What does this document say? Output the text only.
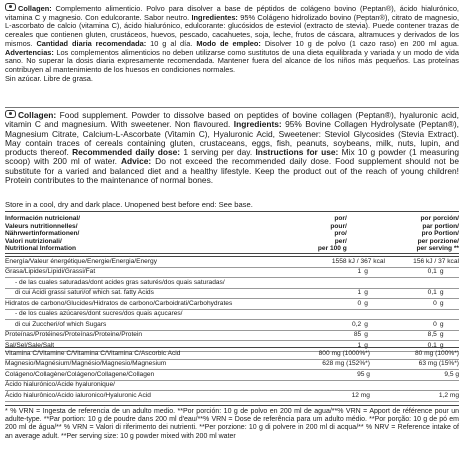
Collagen: Complemento alimenticio. Polvo para disolver a base de péptidos de colágeno bovino (Peptan®), ácido hialurónico, vitamina C y magnesio. Con edulcorante. Sabor neutro. Ingredientes: 95% Colágeno hidrolizado bovino (Peptan®), citrato de magnesio, L-ascorbato de calcio (vitamina C), ácido hialurónico, edulcorante: glucósidos de esteviol (extracto de stevia). Puede contener trazas de cereales que contienen gluten, crustáceos, huevos, pescado, cacahuetes, soja, leche, frutos de cáscara, altramuces y derivados de los mismos. Cantidad diaria recomendada: 10 g al día. Modo de empleo: Disolver 10 g de polvo (1 cazo raso) en 200 ml agua. Advertencias: Los complementos alimenticios no deben utilizarse como sustitutos de una dieta equilibrada y variada y un modo de vida sano. No superar la dosis diaria expresamente recomendada. Mantener fuera del alcance de los niños más pequeños. Las proteínas contribuyen al mantenimiento de los huesos en condiciones normales.

Sin azúcar. Libre de grasa.

Collagen: Food supplement. Powder to dissolve based on peptides of bovine collagen (Peptan®), hyaluronic acid, vitamin C and magnesium. With sweetener. Non flavoured. Ingredients: 95% Bovine Collagen Hydrolysate (Peptan®), Magnesium Citrate, Calcium-L-Ascorbate (Vitamin C), Hyaluronic Acid, Sweetener: Steviol Glycosides (Stevia Extract). May contain traces of cereals containing gluten, crustaceans, eggs, fish, peanuts, soybeans, milk, nuts, lupin, and products thereof. Recommended daily dose: 1 serving per day. Instructions for use: Mix 10 g powder (1 measuring scoop) with 200 ml of water. Advice: Do not exceed the recommended daily dose. Food supplement should not be substitute for a varied and balanced diet and a healthy lifestyle. Keep the product out of the reach of young children! Protein contributes to the maintenance of normal bones.

Store in a cool, dry and dark place. Unopened best before end: See base.

Información nutricional/
Valeurs nutritionnelles/
Nährwertinformationen/
Valori nutrizionali/
Nutritional Information

por/
pour/
pro/
per/
per 100 g

por porción/
par portion/
pro Portion/
per porzione/
per serving **
Energía/Valeur énergétique/Energie/Energia/Energy	1558 kJ / 367 kcal			156 kJ / 37 kcal	
Grasa/Lipides/Lipidi/Grassi/Fat		1	g	0,1	g
- de las cuales saturadas/dont acides gras saturés/dos quais saturadas/					
di cui Acidi grassi saturi/of which sat. fatty Acids		1	g	0,1	g
Hidratos de carbono/Glucides/Hidratos de carbono/Carboidrati/Carbohydrates		0	g	0	g
- de los cuales azúcares/dont sucres/dos quais açucares/					
di cui Zuccheri/of which Sugars		0,2	g	0	g
Proteínas/Protéines/Proteínas/Proteine/Protein		85	g	8,5	g
Sal/Sel/Sale/Salt		1	g	0,1	g
Vitamina C/Vitamine C/Vitamina C/Vitamina C/Ascorbic Acid	800 mg (1000%*)	80 mg (100%*)
Magnesio/Magnésium/Magnésio/Magnesio/Magnesium	628 mg (152%*)	63 mg (15%*)
Colágeno/Collagène/Colágeno/Collagene/Collagen	95 g	9,5 g
Ácido hialurónico/Acide hyaluronique/		
Ácido hialurônico/Acido ialuronico/Hyaluronic Acid	12 mg	1,2 mg

* % VRN = Ingesta de referencia de un adulto medio. **Por porción: 10 g de polvo en 200 ml de agua/**% VRN = Apport de référence pour un adulte-type. **Par portion: 10 g de poudre dans 200 ml d'eau/**% VRN = Dose de referência para um adulto médio. **Por porção: 10 g de pó em 200 ml de água/** % VRN = Valori di riferimento dei nutrienti. **Per porzione: 10 g di polvere in 200 ml di acqua/** % NRV = Reference intake of an average adult. **Per serving size: 10 g powder mixed with 200 ml water
